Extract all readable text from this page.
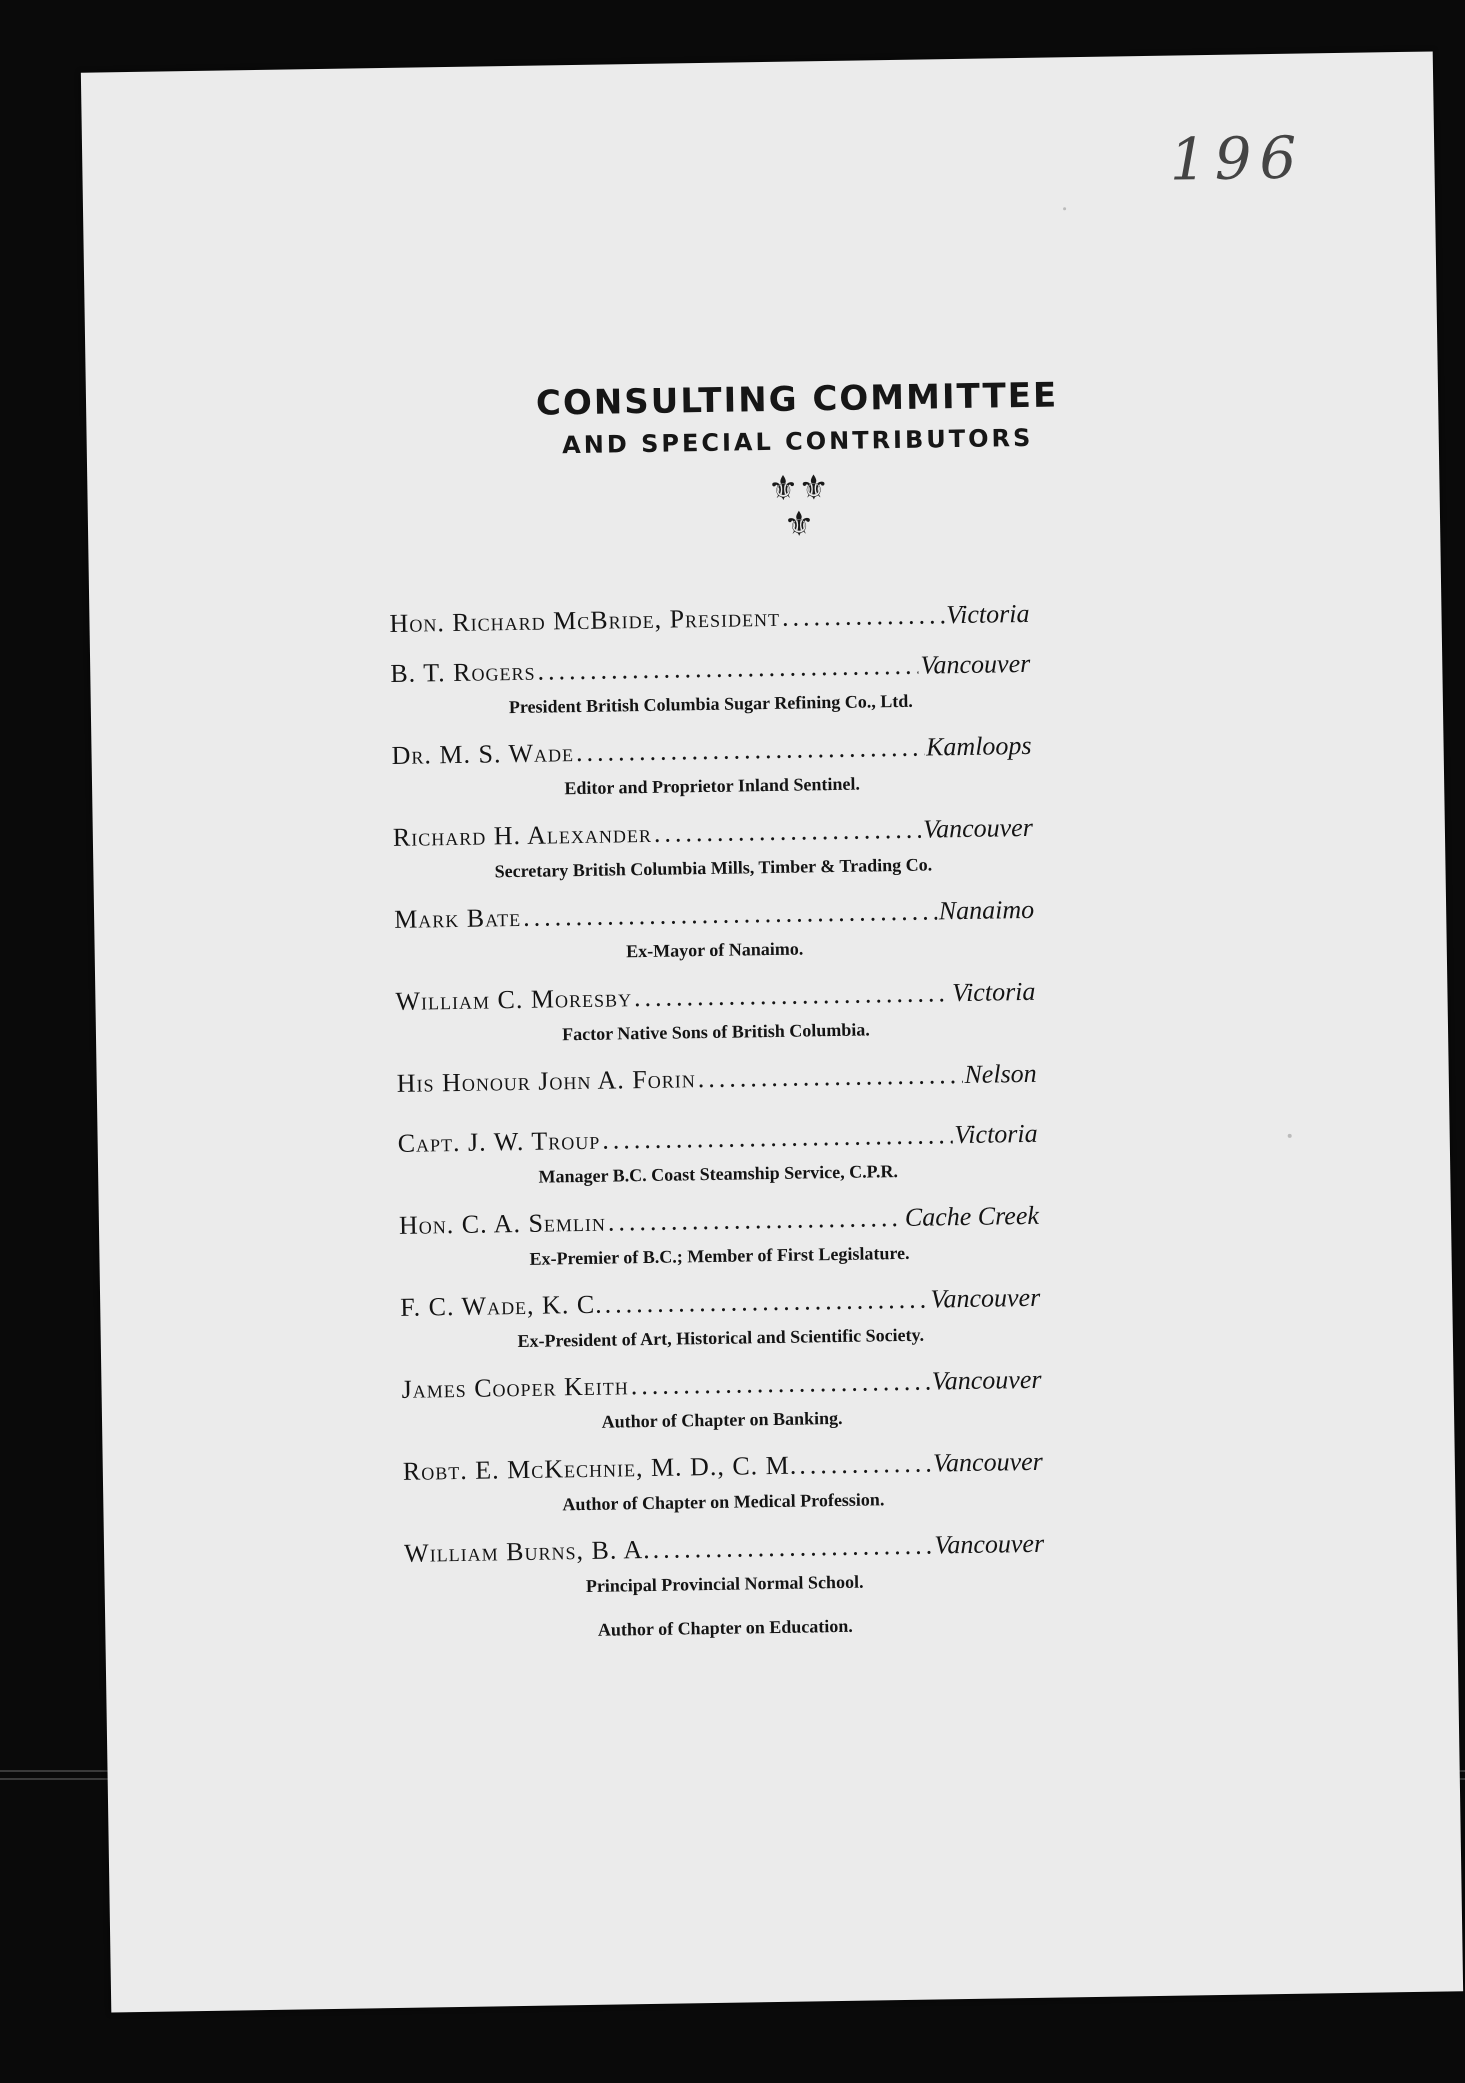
196
CONSULTING COMMITTEE
AND SPECIAL CONTRIBUTORS
⚜⚜
⚜
Hon. Richard McBride, President .....	Victoria
B. T. Rogers .....	Vancouver
President British Columbia Sugar Refining Co., Ltd.
Dr. M. S. Wade .....	Kamloops
Editor and Proprietor Inland Sentinel.
Richard H. Alexander .....	Vancouver
Secretary British Columbia Mills, Timber & Trading Co.
Mark Bate .....	Nanaimo
Ex-Mayor of Nanaimo.
William C. Moresby .....	Victoria
Factor Native Sons of British Columbia.
His Honour John A. Forin .....	Nelson
Capt. J. W. Troup .....	Victoria
Manager B.C. Coast Steamship Service, C.P.R.
Hon. C. A. Semlin .....	Cache Creek
Ex-Premier of B.C.; Member of First Legislature.
F. C. Wade, K. C. .....	Vancouver
Ex-President of Art, Historical and Scientific Society.
James Cooper Keith .....	Vancouver
Author of Chapter on Banking.
Robt. E. McKechnie, M. D., C. M. .....	Vancouver
Author of Chapter on Medical Profession.
William Burns, B. A. .....	Vancouver
Principal Provincial Normal School.
Author of Chapter on Education.
